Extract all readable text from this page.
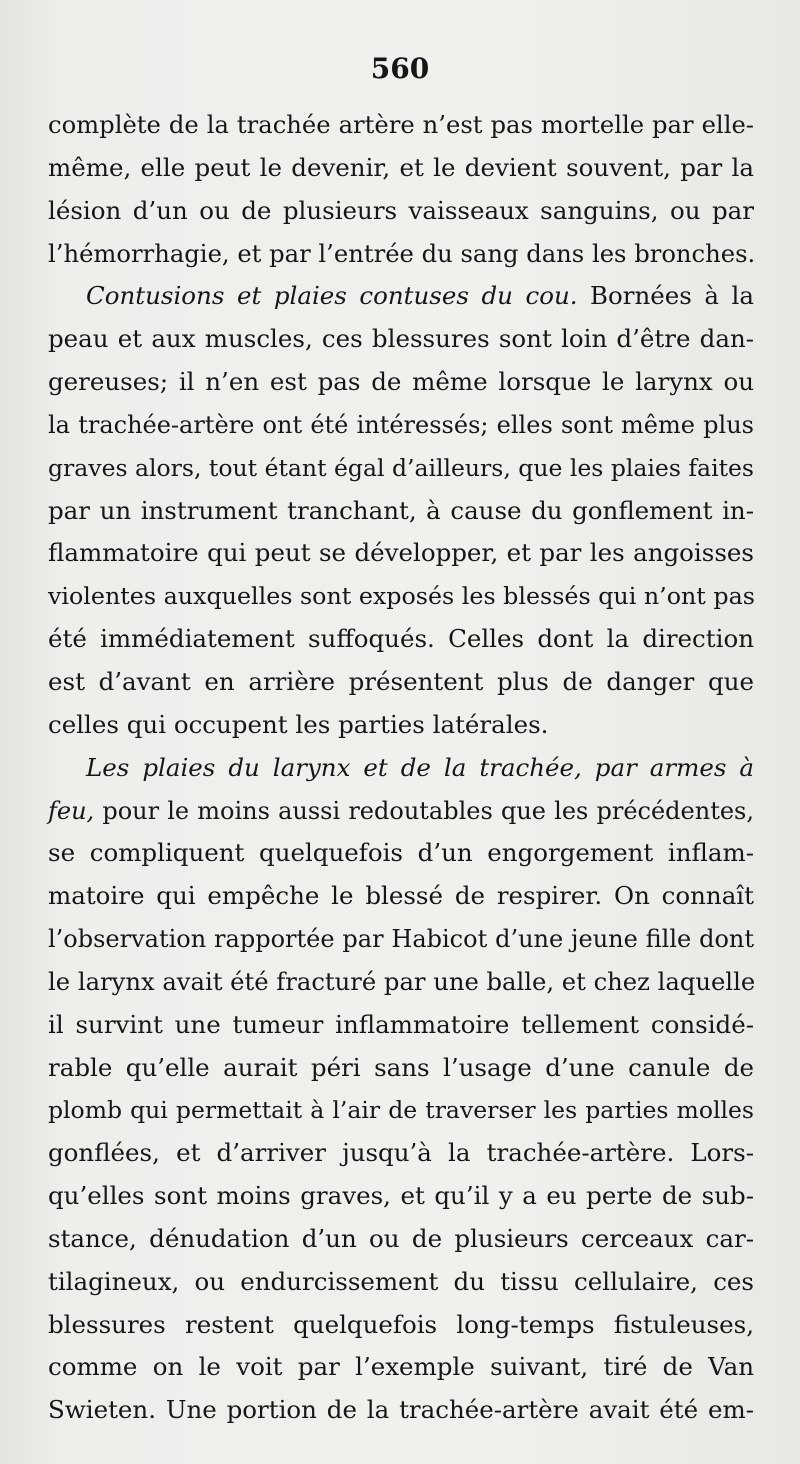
560
complète de la trachée artère n’est pas mortelle par elle-
même, elle peut le devenir, et le devient souvent, par la
lésion d’un ou de plusieurs vaisseaux sanguins, ou par
l’hémorrhagie, et par l’entrée du sang dans les bronches.
Contusions et plaies contuses du cou. Bornées à la
peau et aux muscles, ces blessures sont loin d’être dan-
gereuses; il n’en est pas de même lorsque le larynx ou
la trachée-artère ont été intéressés; elles sont même plus
graves alors, tout étant égal d’ailleurs, que les plaies faites
par un instrument tranchant, à cause du gonflement in-
flammatoire qui peut se développer, et par les angoisses
violentes auxquelles sont exposés les blessés qui n’ont pas
été immédiatement suffoqués. Celles dont la direction
est d’avant en arrière présentent plus de danger que
celles qui occupent les parties latérales.
Les plaies du larynx et de la trachée, par armes à
feu, pour le moins aussi redoutables que les précédentes,
se compliquent quelquefois d’un engorgement inflam-
matoire qui empêche le blessé de respirer. On connaît
l’observation rapportée par Habicot d’une jeune fille dont
le larynx avait été fracturé par une balle, et chez laquelle
il survint une tumeur inflammatoire tellement considé-
rable qu’elle aurait péri sans l’usage d’une canule de
plomb qui permettait à l’air de traverser les parties molles
gonflées, et d’arriver jusqu’à la trachée-artère. Lors-
qu’elles sont moins graves, et qu’il y a eu perte de sub-
stance, dénudation d’un ou de plusieurs cerceaux car-
tilagineux, ou endurcissement du tissu cellulaire, ces
blessures restent quelquefois long-temps fistuleuses,
comme on le voit par l’exemple suivant, tiré de Van
Swieten. Une portion de la trachée-artère avait été em-
